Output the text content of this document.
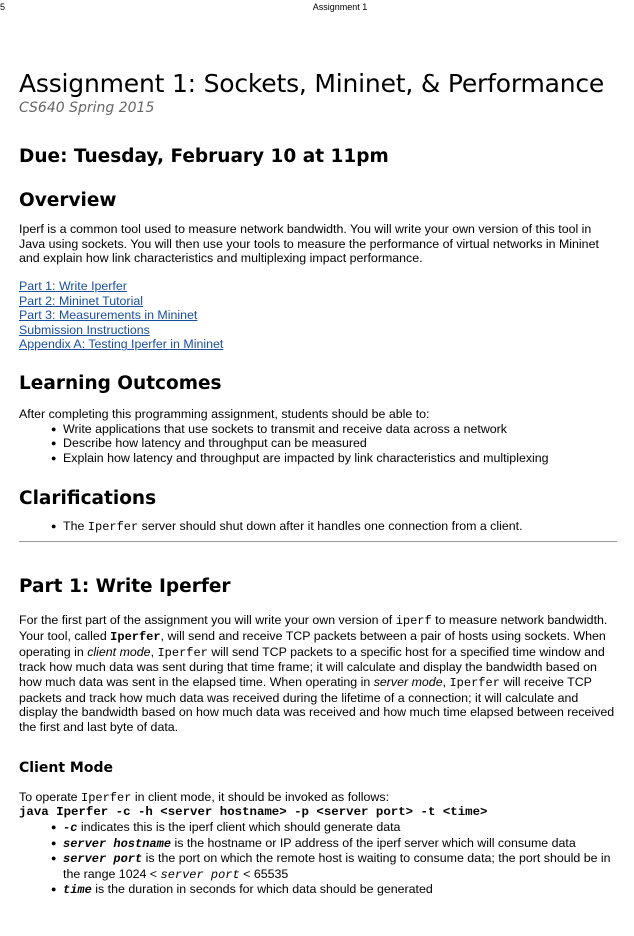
5	Assignment 1
Assignment 1: Sockets, Mininet, & Performance
CS640 Spring 2015
Due: Tuesday, February 10 at 11pm
Overview

Iperf is a common tool used to measure network bandwidth. You will write your own version of this tool in Java using sockets. You will then use your tools to measure the performance of virtual networks in Mininet and explain how link characteristics and multiplexing impact performance.

Part 1: Write Iperfer
Part 2: Mininet Tutorial
Part 3: Measurements in Mininet
Submission Instructions
Appendix A: Testing Iperfer in Mininet
Learning Outcomes

After completing this programming assignment, students should be able to:

● Write applications that use sockets to transmit and receive data across a network
● Describe how latency and throughput can be measured
● Explain how latency and throughput are impacted by link characteristics and multiplexing
Clarifications
● The Iperfer server should shut down after it handles one connection from a client.
Part 1: Write Iperfer

For the first part of the assignment you will write your own version of iperf to measure network bandwidth. Your tool, called Iperfer, will send and receive TCP packets between a pair of hosts using sockets. When operating in client mode, Iperfer will send TCP packets to a specific host for a specified time window and track how much data was sent during that time frame; it will calculate and display the bandwidth based on how much data was sent in the elapsed time. When operating in server mode, Iperfer will receive TCP packets and track how much data was received during the lifetime of a connection; it will calculate and display the bandwidth based on how much data was received and how much time elapsed between received the first and last byte of data.

Client Mode

To operate Iperfer in client mode, it should be invoked as follows:

java Iperfer -c -h <server hostname> -p <server port> -t <time>
● -c indicates this is the iperf client which should generate data
● server hostname is the hostname or IP address of the iperf server which will consume data
● server port is the port on which the remote host is waiting to consume data; the port should be in the range 1024 < server port < 65535
● time is the duration in seconds for which data should be generated
